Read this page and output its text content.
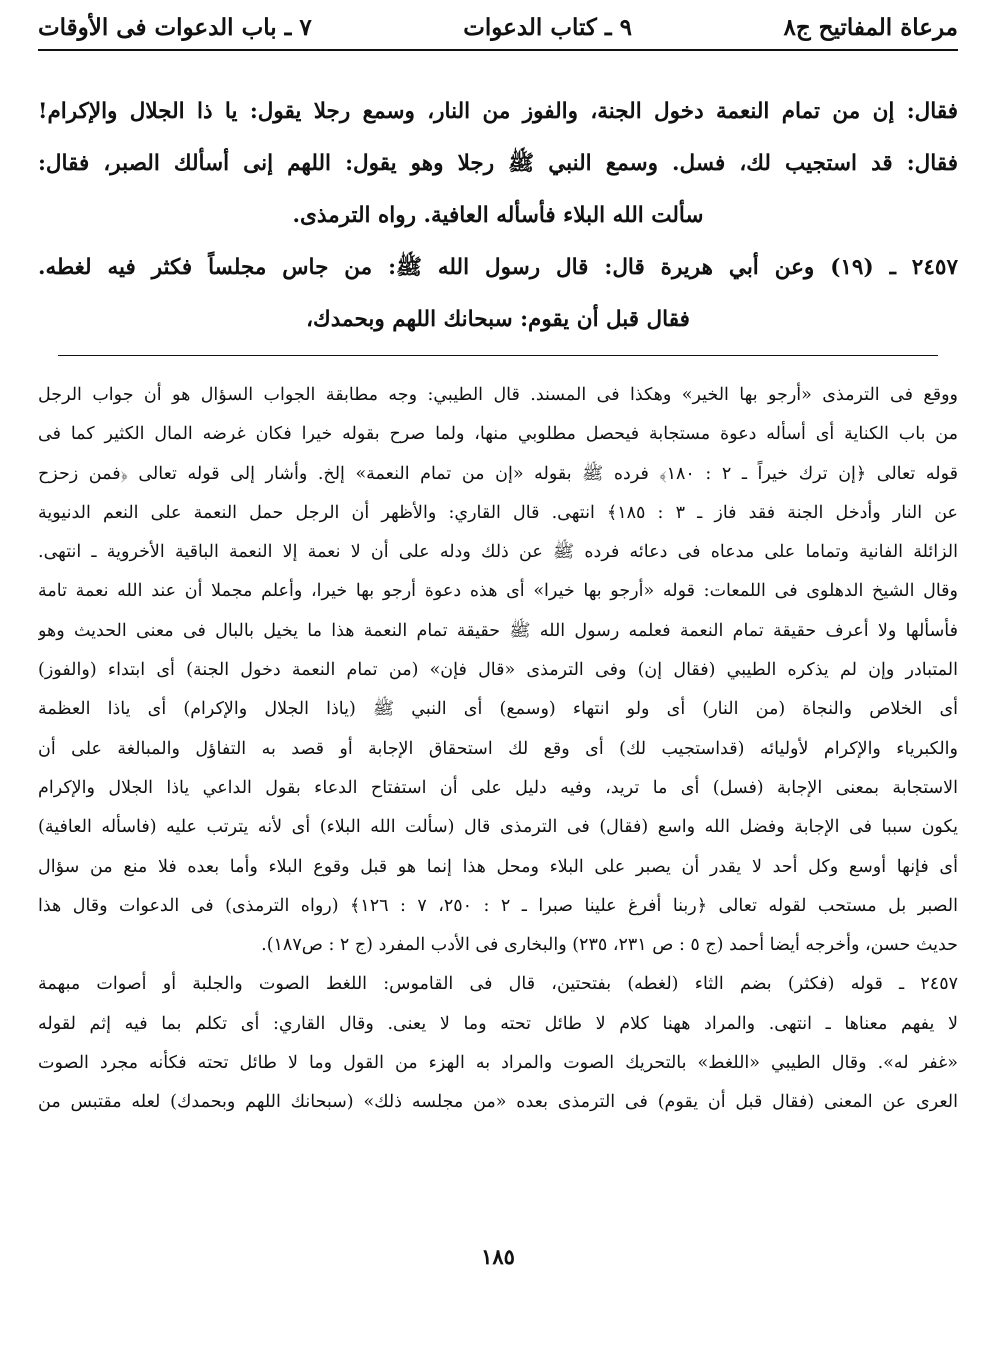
مرعاة المفاتيح ج٨
٩ ـ كتاب الدعوات
٧ ـ باب الدعوات فى الأوقات

فقال: إن من تمام النعمة دخول الجنة، والفوز من النار، وسمع رجلا يقول: يا ذا الجلال والإكرام!

فقال: قد استجيب لك، فسل. وسمع النبي ﷺ رجلا وهو يقول: اللهم إنى أسألك الصبر، فقال:

سألت الله البلاء فأسأله العافية. رواه الترمذى.

٢٤٥٧ ـ (١٩) وعن أبي هريرة قال: قال رسول الله ﷺ: من جاس مجلساً فكثر فيه لغطه.

فقال قبل أن يقوم: سبحانك اللهم وبحمدك،

ووقع فى الترمذى «أرجو بها الخير» وهكذا فى المسند. قال الطيبي: وجه مطابقة الجواب السؤال هو أن جواب الرجل

من باب الكناية أى أسأله دعوة مستجابة فيحصل مطلوبي منها، ولما صرح بقوله خيرا فكان غرضه المال الكثير كما فى

قوله تعالى ﴿إن ترك خيراً ـ ٢ : ١٨٠﴾ فرده ﷺ بقوله «إن من تمام النعمة» إلخ. وأشار إلى قوله تعالى ﴿فمن زحزح

عن النار وأدخل الجنة فقد فاز ـ ٣ : ١٨٥﴾ انتهى. قال القاري: والأظهر أن الرجل حمل النعمة على النعم الدنيوية

الزائلة الفانية وتماما على مدعاه فى دعائه فرده ﷺ عن ذلك ودله على أن لا نعمة إلا النعمة الباقية الأخروية ـ انتهى.

وقال الشيخ الدهلوى فى اللمعات: قوله «أرجو بها خيرا» أى هذه دعوة أرجو بها خيرا، وأعلم مجملا أن عند الله نعمة تامة

فأسألها ولا أعرف حقيقة تمام النعمة فعلمه رسول الله ﷺ حقيقة تمام النعمة هذا ما يخيل بالبال فى معنى الحديث وهو

المتبادر وإن لم يذكره الطيبي (فقال إن) وفى الترمذى «قال فإن» (من تمام النعمة دخول الجنة) أى ابتداء (والفوز)

أى الخلاص والنجاة (من النار) أى ولو انتهاء (وسمع) أى النبي ﷺ (ياذا الجلال والإكرام) أى ياذا العظمة

والكبرياء والإكرام لأوليائه (قداستجيب لك) أى وقع لك استحقاق الإجابة أو قصد به التفاؤل والمبالغة على أن

الاستجابة بمعنى الإجابة (فسل) أى ما تريد، وفيه دليل على أن استفتاح الدعاء بقول الداعي ياذا الجلال والإكرام

يكون سببا فى الإجابة وفضل الله واسع (فقال) فى الترمذى قال (سألت الله البلاء) أى لأنه يترتب عليه (فاسأله العافية)

أى فإنها أوسع وكل أحد لا يقدر أن يصبر على البلاء ومحل هذا إنما هو قبل وقوع البلاء وأما بعده فلا منع من سؤال

الصبر بل مستحب لقوله تعالى ﴿ربنا أفرغ علينا صبرا ـ ٢ : ٢٥٠، ٧ : ١٢٦﴾ (رواه الترمذى) فى الدعوات وقال هذا

حديث حسن، وأخرجه أيضا أحمد (ج ٥ : ص ٢٣١، ٢٣٥) والبخارى فى الأدب المفرد (ج ٢ : ص١٨٧).

٢٤٥٧ ـ قوله (فكثر) بضم الثاء (لغطه) بفتحتين، قال فى القاموس: اللغط الصوت والجلبة أو أصوات مبهمة

لا يفهم معناها ـ انتهى. والمراد ههنا كلام لا طائل تحته وما لا يعنى. وقال القاري: أى تكلم بما فيه إثم لقوله

«غفر له». وقال الطيبي «اللغط» بالتحريك الصوت والمراد به الهزء من القول وما لا طائل تحته فكأنه مجرد الصوت

العرى عن المعنى (فقال قبل أن يقوم) فى الترمذى بعده «من مجلسه ذلك» (سبحانك اللهم وبحمدك) لعله مقتبس من

١٨٥
